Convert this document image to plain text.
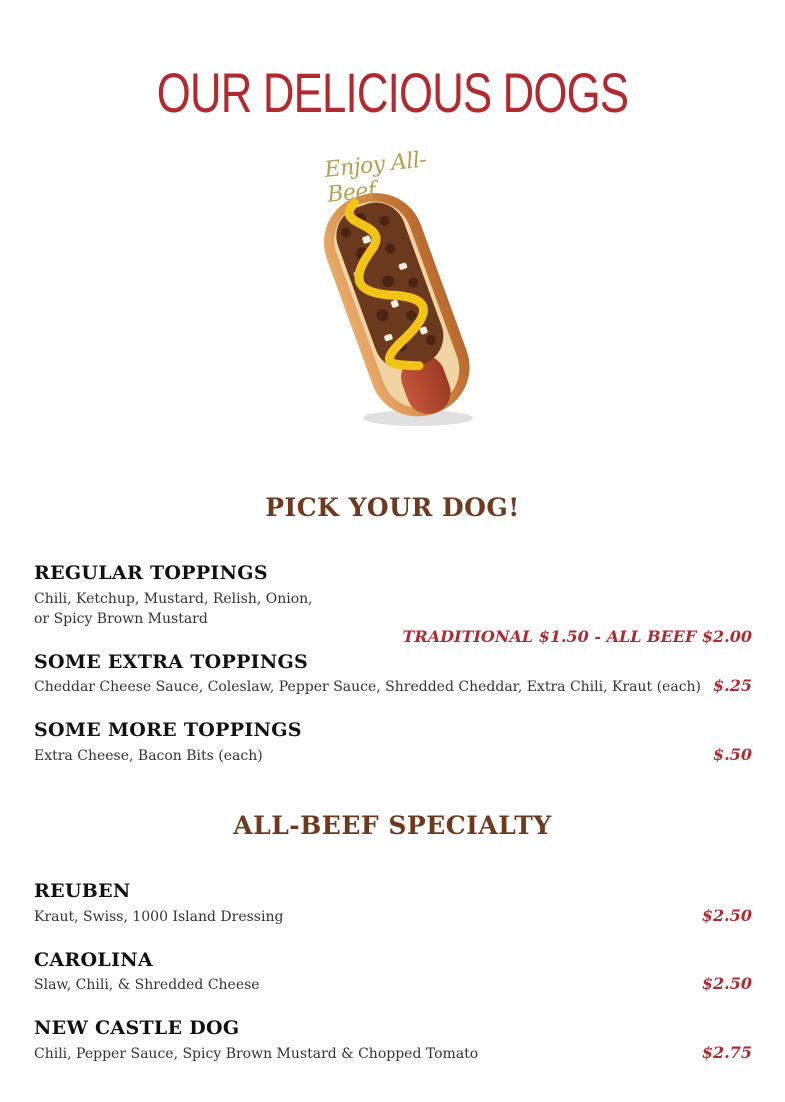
OUR DELICIOUS DOGS
Enjoy All-Beef
PICK YOUR DOG!
REGULAR TOPPINGS
Chili, Ketchup, Mustard, Relish, Onion,
or Spicy Brown Mustard
TRADITIONAL $1.50 - ALL BEEF $2.00
SOME EXTRA TOPPINGS
Cheddar Cheese Sauce, Coleslaw, Pepper Sauce, Shredded Cheddar, Extra Chili, Kraut (each) $.25
SOME MORE TOPPINGS
Extra Cheese, Bacon Bits (each)	$.50
ALL-BEEF SPECIALTY
REUBEN
Kraut, Swiss, 1000 Island Dressing	$2.50
CAROLINA
Slaw, Chili, & Shredded Cheese	$2.50
NEW CASTLE DOG
Chili, Pepper Sauce, Spicy Brown Mustard & Chopped Tomato	$2.75
